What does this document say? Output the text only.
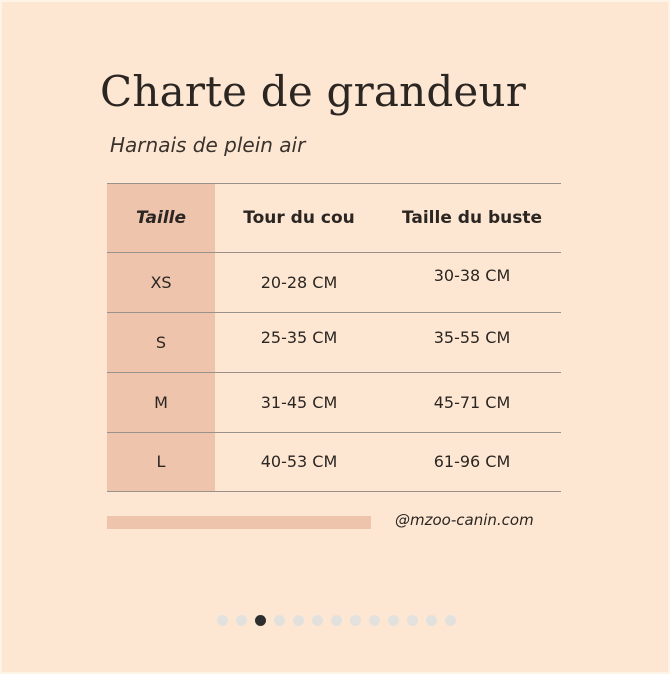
Charte de grandeur
Harnais de plein air
Taille	Tour du cou	Taille du buste
XS	20-28 CM	30-38 CM
S	25-35 CM	35-55 CM
M	31-45 CM	45-71 CM
L	40-53 CM	61-96 CM
@mzoo-canin.com
